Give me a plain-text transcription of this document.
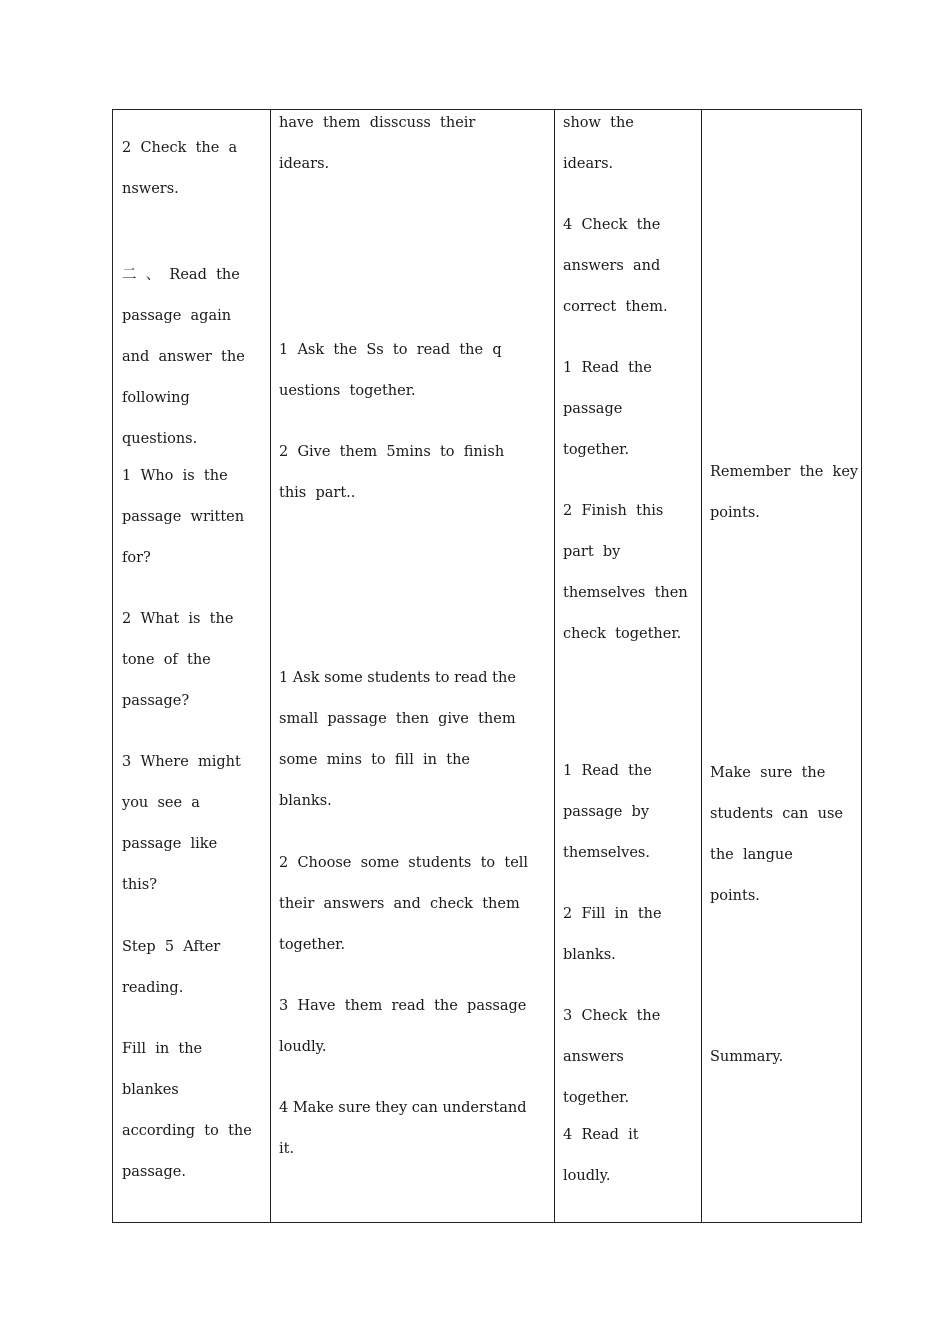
2  Check  the  a
nswers.
二  、  Read  the
passage  again
and  answer  the
following
questions.
1  Who  is  the
passage  written
for?
2  What  is  the
tone  of  the
passage?
3  Where  might
you  see  a
passage  like
this?
Step  5  After
reading.
Fill  in  the
blankes
according  to  the
passage.
have  them  disscuss  their
idears.
1  Ask  the  Ss  to  read  the  q
uestions  together.
2  Give  them  5mins  to  finish
this  part..
1 Ask some students to read the
small  passage  then  give  them
some  mins  to  fill  in  the
blanks.
2  Choose  some  students  to  tell
their  answers  and  check  them
together.
3  Have  them  read  the  passage
loudly.
4 Make sure they can understand
it.
show  the
idears.
4  Check  the
answers  and
correct  them.
1  Read  the
passage
together.
2  Finish  this
part  by
themselves  then
check  together.
1  Read  the
passage  by
themselves.
2  Fill  in  the
blanks.
3  Check  the
answers
together.
4  Read  it
loudly.
Remember  the  key
points.
Make  sure  the
students  can  use
the  langue
points.
Summary.
